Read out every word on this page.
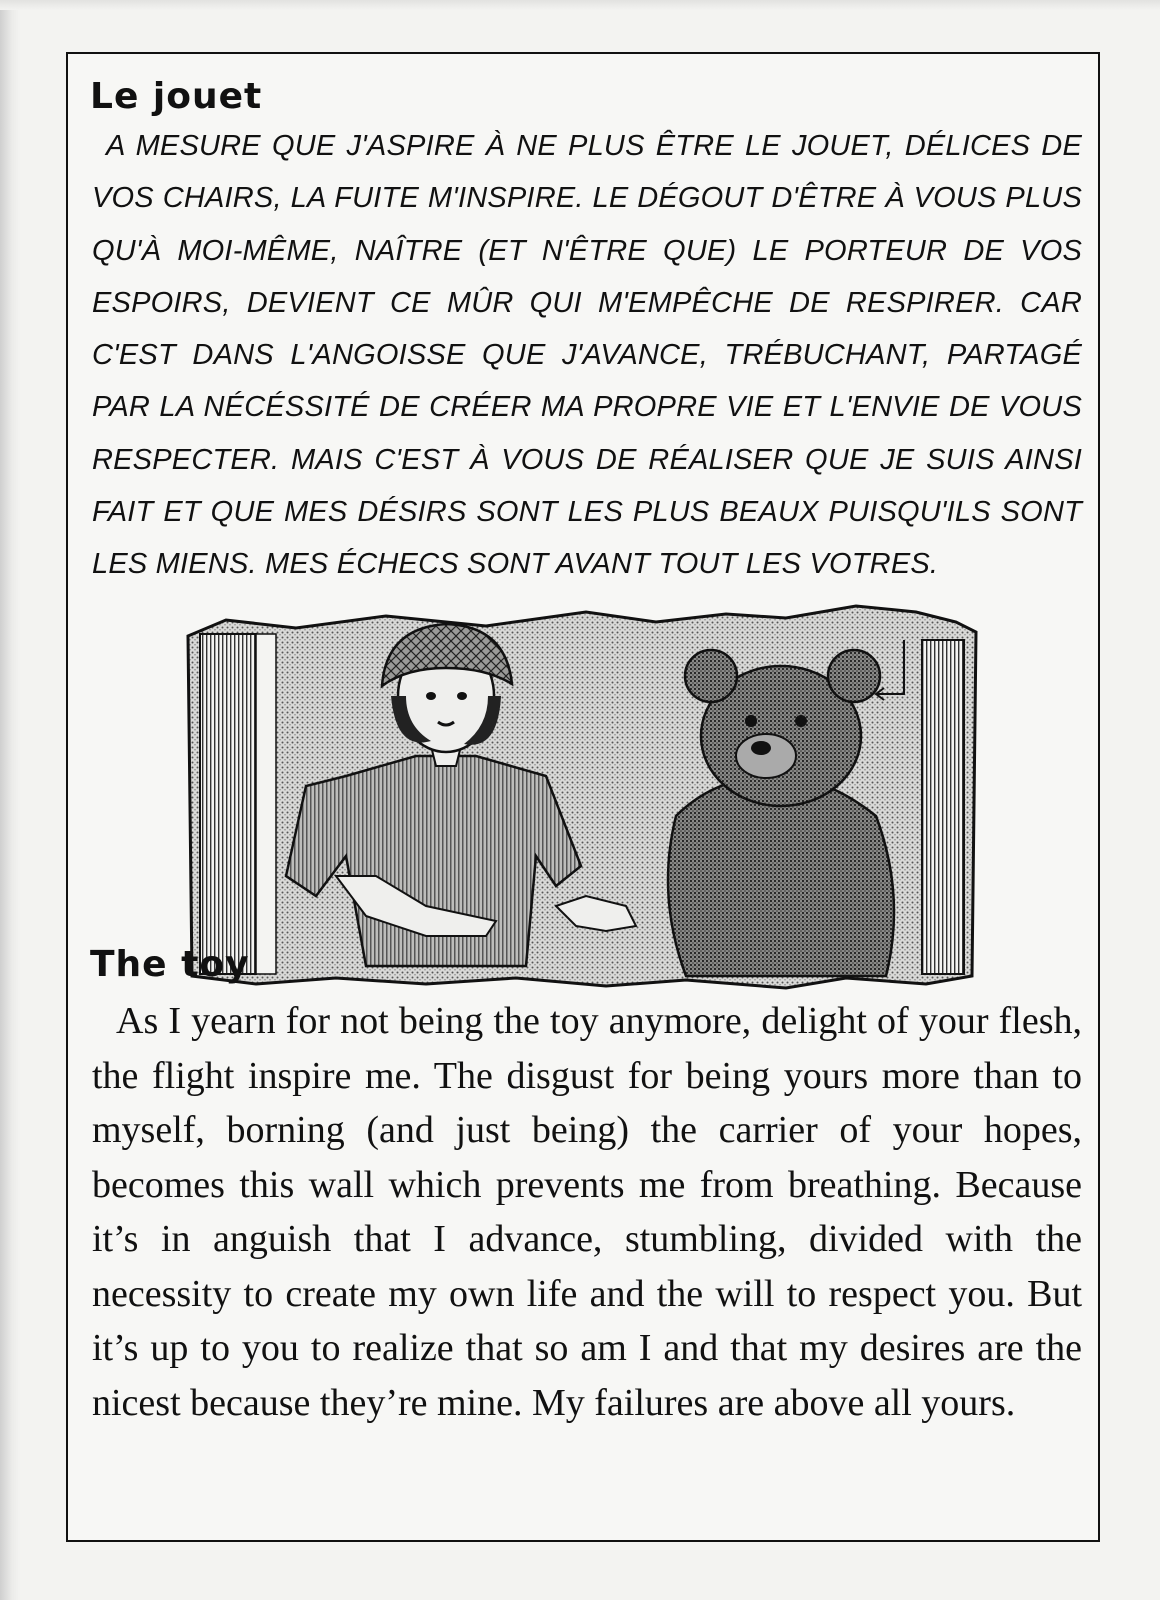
Le jouet

A MESURE QUE J'ASPIRE À NE PLUS ÊTRE LE JOUET, DÉLICES DE VOS CHAIRS, LA FUITE M'INSPIRE. LE DÉGOUT D'ÊTRE À VOUS PLUS QU'À MOI-MÊME, NAÎTRE (ET N'ÊTRE QUE) LE PORTEUR DE VOS ESPOIRS, DEVIENT CE MÛR QUI M'EMPÊCHE DE RESPIRER. CAR C'EST DANS L'ANGOISSE QUE J'AVANCE, TRÉBUCHANT, PARTAGÉ PAR LA NÉCÉSSITÉ DE CRÉER MA PROPRE VIE ET L'ENVIE DE VOUS RESPECTER. MAIS C'EST À VOUS DE RÉALISER QUE JE SUIS AINSI FAIT ET QUE MES DÉSIRS SONT LES PLUS BEAUX PUISQU'ILS SONT LES MIENS. MES ÉCHECS SONT AVANT TOUT LES VOTRES.

The toy

As I yearn for not being the toy anymore, delight of your flesh, the flight inspire me. The disgust for being yours more than to myself, borning (and just being) the carrier of your hopes, becomes this wall which prevents me from breathing. Because it’s in anguish that I advance, stumbling, divided with the necessity to create my own life and the will to respect you. But it’s up to you to realize that so am I and that my desires are the nicest because they’re mine. My failures are above all yours.
